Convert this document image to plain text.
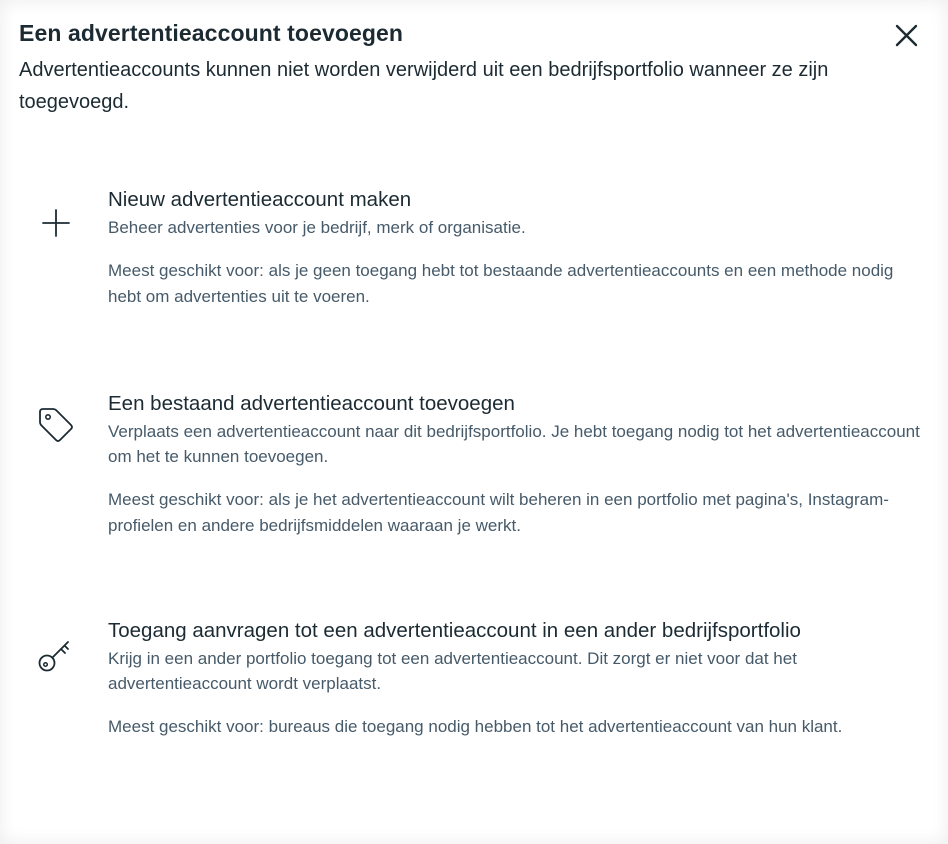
Een advertentieaccount toevoegen

Advertentieaccounts kunnen niet worden verwijderd uit een bedrijfsportfolio wanneer ze zijn toegevoegd.

Nieuw advertentieaccount maken

Beheer advertenties voor je bedrijf, merk of organisatie.

Meest geschikt voor: als je geen toegang hebt tot bestaande advertentieaccounts en een methode nodig hebt om advertenties uit te voeren.

Een bestaand advertentieaccount toevoegen

Verplaats een advertentieaccount naar dit bedrijfsportfolio. Je hebt toegang nodig tot het advertentieaccount om het te kunnen toevoegen.

Meest geschikt voor: als je het advertentieaccount wilt beheren in een portfolio met pagina's, Instagram-profielen en andere bedrijfsmiddelen waaraan je werkt.

Toegang aanvragen tot een advertentieaccount in een ander bedrijfsportfolio

Krijg in een ander portfolio toegang tot een advertentieaccount. Dit zorgt er niet voor dat het advertentieaccount wordt verplaatst.

Meest geschikt voor: bureaus die toegang nodig hebben tot het advertentieaccount van hun klant.
